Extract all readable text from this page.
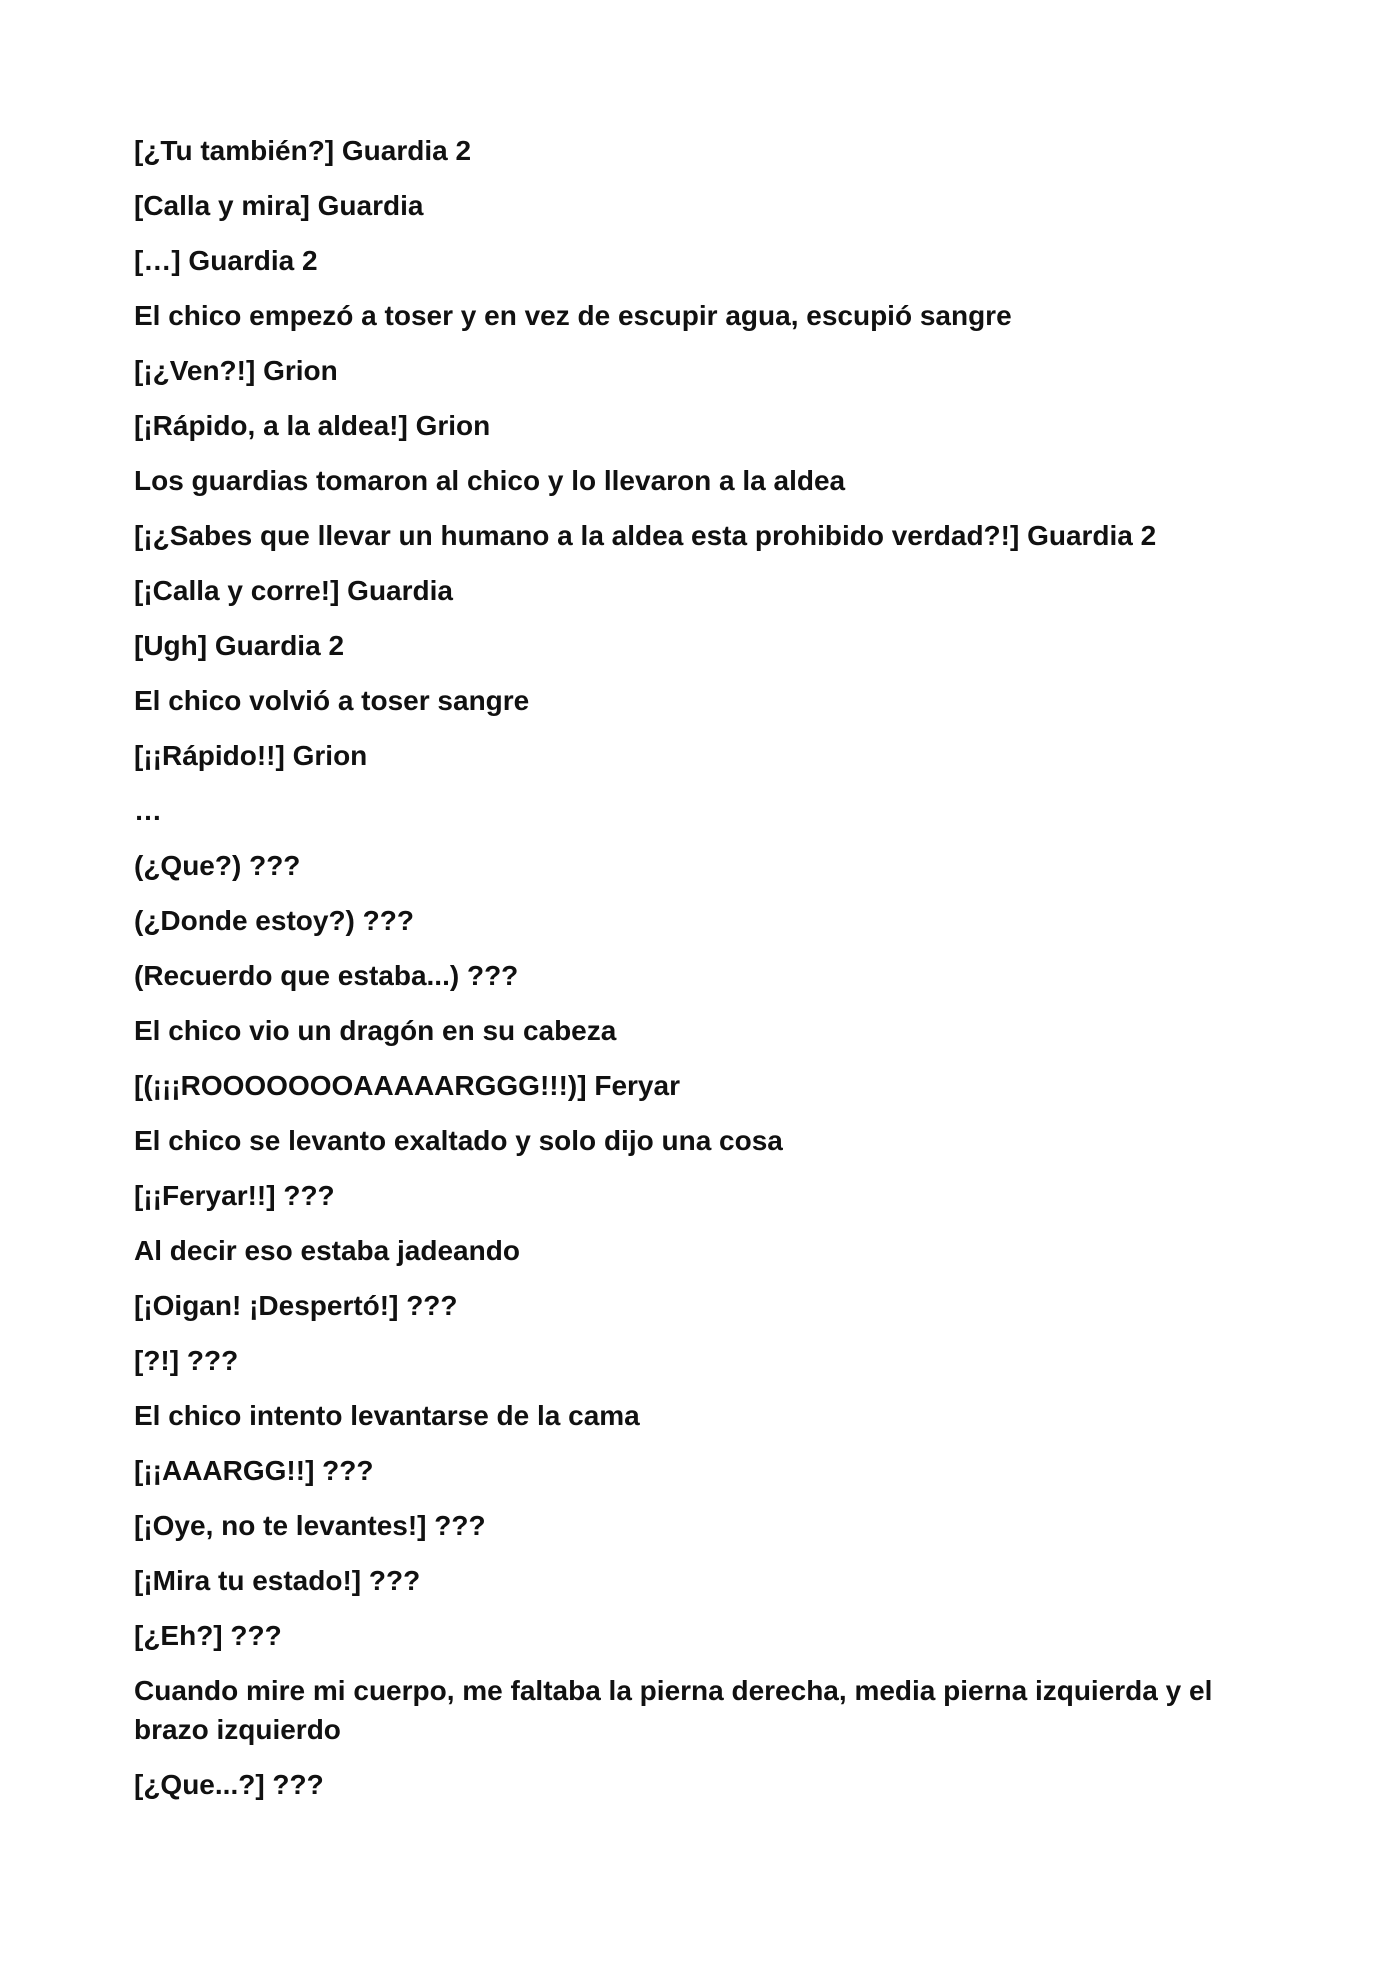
[¿Tu también?] Guardia 2

[Calla y mira] Guardia

[…] Guardia 2

El chico empezó a toser y en vez de escupir agua, escupió sangre

[¡¿Ven?!] Grion

[¡Rápido, a la aldea!] Grion

Los guardias tomaron al chico y lo llevaron a la aldea

[¡¿Sabes que llevar un humano a la aldea esta prohibido verdad?!] Guardia 2

[¡Calla y corre!] Guardia

[Ugh] Guardia 2

El chico volvió a toser sangre

[¡¡Rápido!!] Grion

…

(¿Que?) ???

(¿Donde estoy?) ???

(Recuerdo que estaba...) ???

El chico vio un dragón en su cabeza

[(¡¡¡ROOOOOOOAAAAARGGG!!!)] Feryar

El chico se levanto exaltado y solo dijo una cosa

[¡¡Feryar!!] ???

Al decir eso estaba jadeando

[¡Oigan! ¡Despertó!] ???

[?!] ???

El chico intento levantarse de la cama

[¡¡AAARGG!!] ???

[¡Oye, no te levantes!] ???

[¡Mira tu estado!] ???

[¿Eh?] ???

Cuando mire mi cuerpo, me faltaba la pierna derecha, media pierna izquierda y el brazo izquierdo

[¿Que...?] ???
